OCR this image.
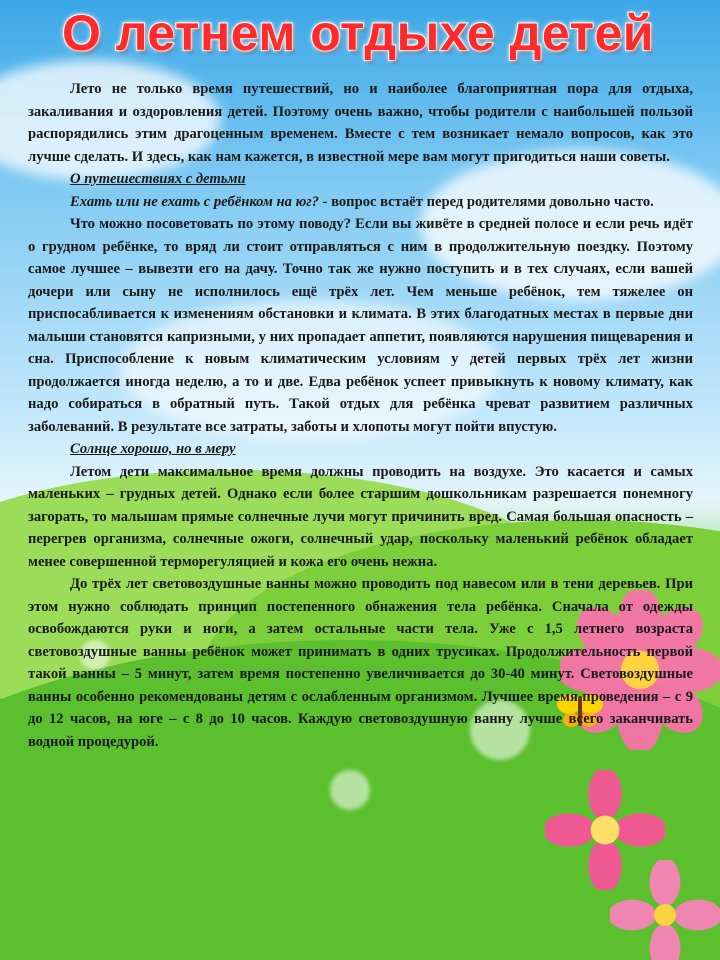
О летнем отдыхе детей

Лето не только время путешествий, но и наиболее благоприятная пора для отдыха, закаливания и оздоровления детей. Поэтому очень важно, чтобы родители с наибольшей пользой распорядились этим драгоценным временем. Вместе с тем возникает немало вопросов, как это лучше сделать. И здесь, как нам кажется, в известной мере вам могут пригодиться наши советы.

О путешествиях с детьми

Ехать или не ехать с ребёнком на юг? - вопрос встаёт перед родителями довольно часто.

Что можно посоветовать по этому поводу? Если вы живёте в средней полосе и если речь идёт о грудном ребёнке, то вряд ли стоит отправляться с ним в продолжительную поездку. Поэтому самое лучшее – вывезти его на дачу. Точно так же нужно поступить и в тех случаях, если вашей дочери или сыну не исполнилось ещё трёх лет. Чем меньше ребёнок, тем тяжелее он приспосабливается к изменениям обстановки и климата. В этих благодатных местах в первые дни малыши становятся капризными, у них пропадает аппетит, появляются нарушения пищеварения и сна. Приспособление к новым климатическим условиям у детей первых трёх лет жизни продолжается иногда неделю, а то и две. Едва ребёнок успеет привыкнуть к новому климату, как надо собираться в обратный путь. Такой отдых для ребёнка чреват развитием различных заболеваний. В результате все затраты, заботы и хлопоты могут пойти впустую.

Солнце хорошо, но в меру

Летом дети максимальное время должны проводить на воздухе. Это касается и самых маленьких – грудных детей. Однако если более старшим дошкольникам разрешается понемногу загорать, то малышам прямые солнечные лучи могут причинить вред. Самая большая опасность – перегрев организма, солнечные ожоги, солнечный удар, поскольку маленький ребёнок обладает менее совершенной терморегуляцией и кожа его очень нежна.

До трёх лет световоздушные ванны можно проводить под навесом или в тени деревьев. При этом нужно соблюдать принцип постепенного обнажения тела ребёнка. Сначала от одежды освобождаются руки и ноги, а затем остальные части тела. Уже с 1,5 летнего возраста световоздушные ванны ребёнок может принимать в одних трусиках. Продолжительность первой такой ванны – 5 минут, затем время постепенно увеличивается до 30-40 минут. Световоздушные ванны особенно рекомендованы детям с ослабленным организмом. Лучшее время проведения – с 9 до 12 часов, на юге – с 8 до 10 часов. Каждую световоздушную ванну лучше всего заканчивать водной процедурой.
